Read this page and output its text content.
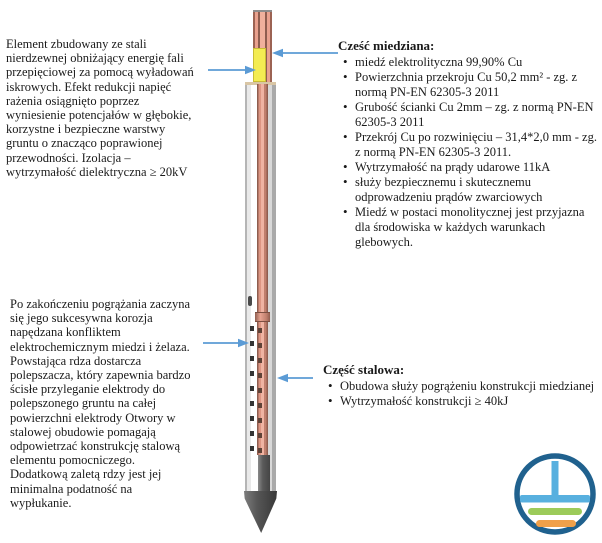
Element zbudowany ze stali
nierdzewnej obniżający energię fali
przepięciowej za pomocą wyładowań
iskrowych. Efekt redukcji napięć
rażenia osiągnięto poprzez
wyniesienie potencjałów w głębokie,
korzystne i bezpieczne warstwy
gruntu o znacząco poprawionej
przewodności. Izolacja –
wytrzymałość dielektryczna ≥ 20kV
Po zakończeniu pogrążania zaczyna
się jego sukcesywna korozja
napędzana konfliktem
elektrochemicznym miedzi i żelaza.
Powstająca rdza dostarcza
polepszacza, który zapewnia bardzo
ścisłe przyleganie elektrody do
polepszonego gruntu na całej
powierzchni elektrody Otwory w
stalowej obudowie pomagają
odpowietrzać konstrukcję stalową
elementu pomocniczego.
Dodatkową zaletą rdzy jest jej
minimalna podatność na
wypłukanie.
Cześć miedziana:
• miedź elektrolityczna 99,90% Cu
• Powierzchnia przekroju Cu 50,2 mm² - zg. z normą PN-EN 62305-3 2011
• Grubość ścianki Cu 2mm – zg. z normą PN-EN 62305-3 2011
• Przekrój Cu po rozwinięciu – 31,4*2,0 mm - zg. z normą PN-EN 62305-3 2011.
• Wytrzymałość na prądy udarowe 11kA
• służy bezpiecznemu i skutecznemu odprowadzeniu prądów zwarciowych
• Miedź w postaci monolitycznej jest przyjazna dla środowiska w każdych warunkach glebowych.
Część stalowa:
• Obudowa służy pogrążeniu konstrukcji miedzianej
• Wytrzymałość konstrukcji ≥ 40kJ
